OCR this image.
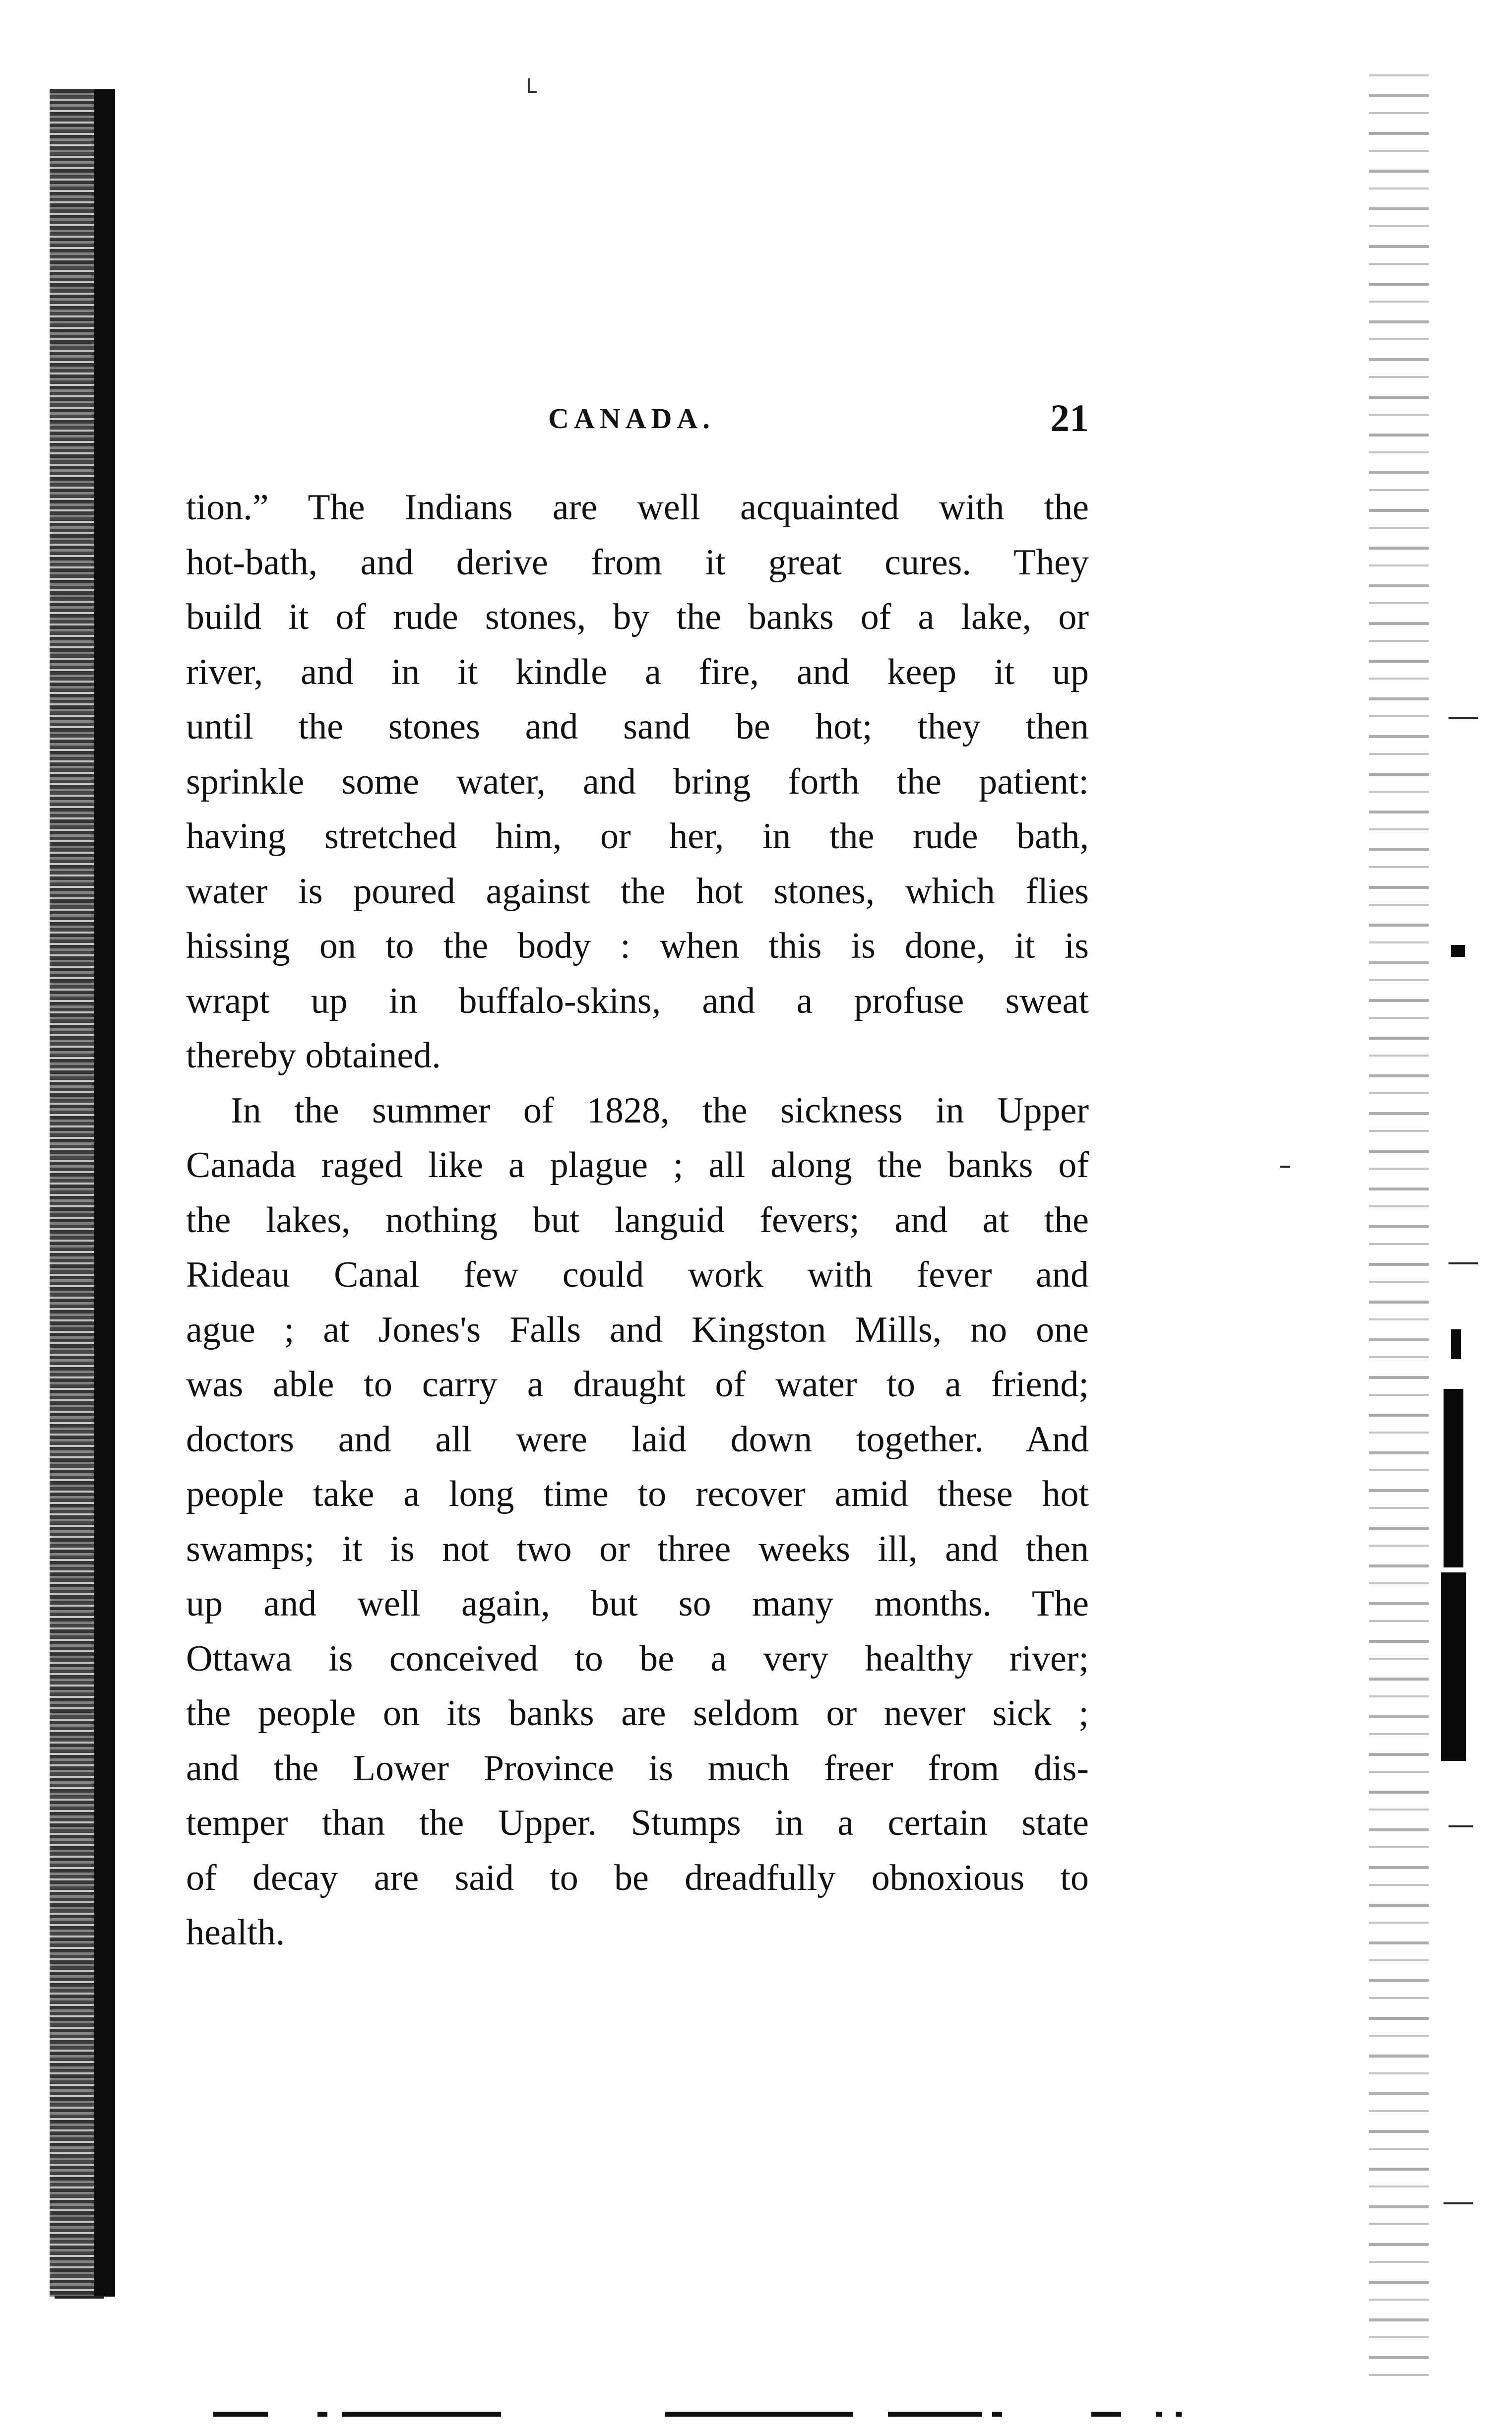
ᒪ
CANADA.	21
tion.” The Indians are well acquainted with the
hot-bath, and derive from it great cures. They
build it of rude stones, by the banks of a lake, or
river, and in it kindle a fire, and keep it up
until the stones and sand be hot; they then
sprinkle some water, and bring forth the patient:
having stretched him, or her, in the rude bath,
water is poured against the hot stones, which flies
hissing on to the body : when this is done, it is
wrapt up in buffalo-skins, and a profuse sweat
thereby obtained.
In the summer of 1828, the sickness in Upper
Canada raged like a plague ; all along the banks of
the lakes, nothing but languid fevers; and at the
Rideau Canal few could work with fever and
ague ; at Jones's Falls and Kingston Mills, no one
was able to carry a draught of water to a friend;
doctors and all were laid down together. And
people take a long time to recover amid these hot
swamps; it is not two or three weeks ill, and then
up and well again, but so many months. The
Ottawa is conceived to be a very healthy river;
the people on its banks are seldom or never sick ;
and the Lower Province is much freer from dis-
temper than the Upper. Stumps in a certain state
of decay are said to be dreadfully obnoxious to
health.
